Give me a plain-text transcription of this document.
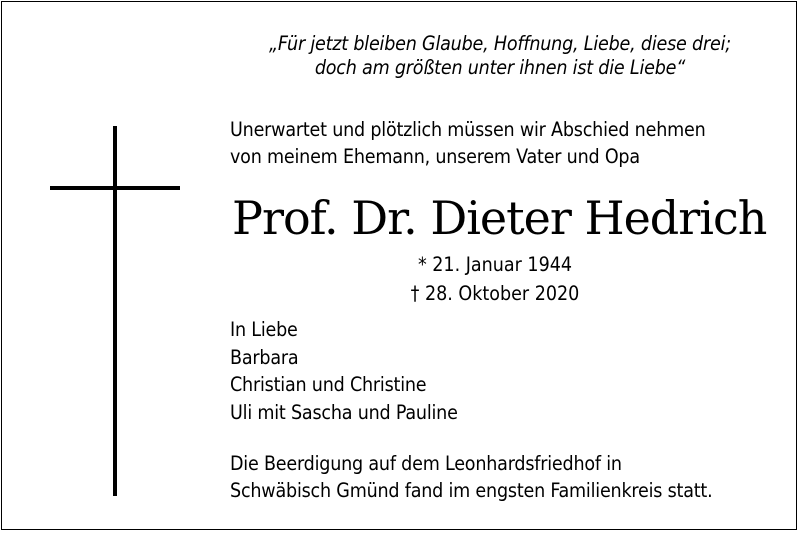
„Für jetzt bleiben Glaube, Hoffnung, Liebe, diese drei;
doch am größten unter ihnen ist die Liebe“
Unerwartet und plötzlich müssen wir Abschied nehmen
von meinem Ehemann, unserem Vater und Opa
Prof. Dr. Dieter Hedrich
* 21. Januar 1944
† 28. Oktober 2020
In Liebe
Barbara
Christian und Christine
Uli mit Sascha und Pauline
Die Beerdigung auf dem Leonhardsfriedhof in
Schwäbisch Gmünd fand im engsten Familienkreis statt.
